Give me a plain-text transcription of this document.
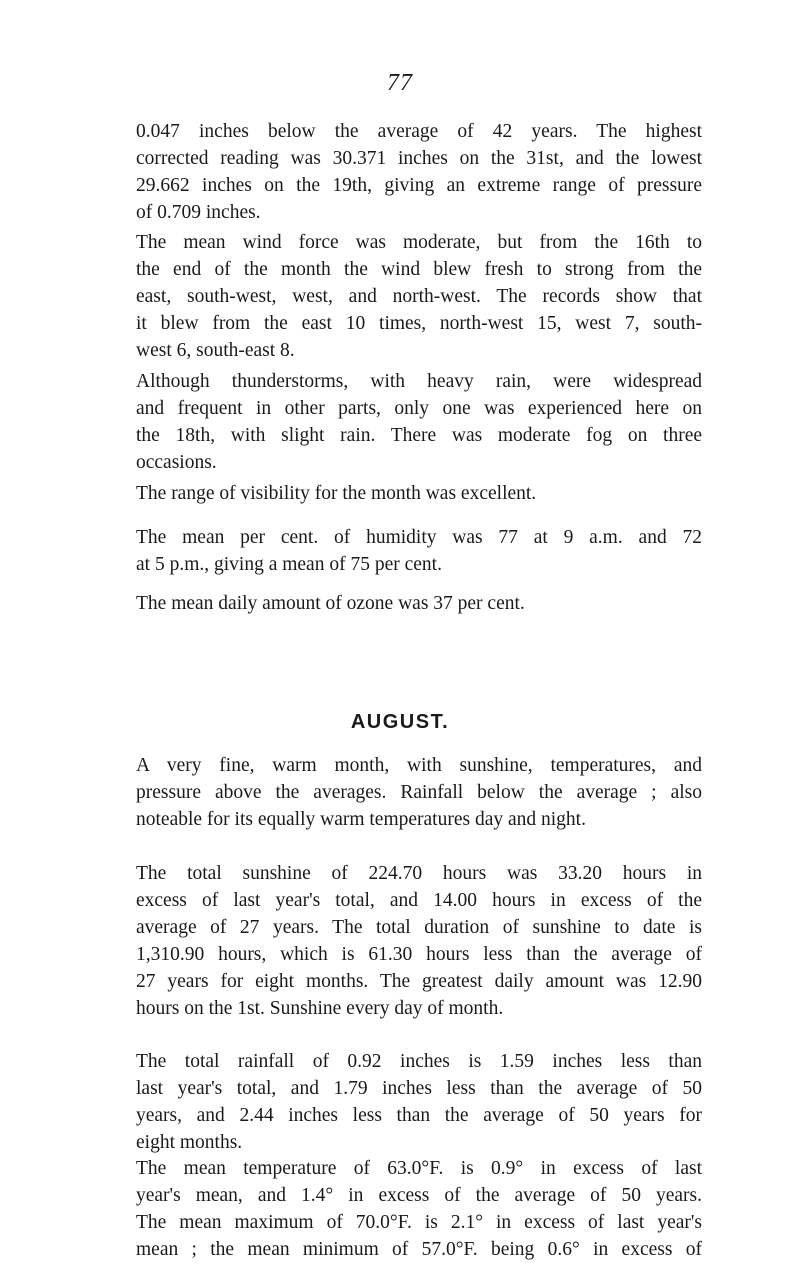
77

0.047 inches below the average of 42 years. The highest
corrected reading was 30.371 inches on the 31st, and the lowest
29.662 inches on the 19th, giving an extreme range of pressure
of 0.709 inches.

The mean wind force was moderate, but from the 16th to
the end of the month the wind blew fresh to strong from the
east, south-west, west, and north-west. The records show that
it blew from the east 10 times, north-west 15, west 7, south-
west 6, south-east 8.

Although thunderstorms, with heavy rain, were widespread
and frequent in other parts, only one was experienced here on
the 18th, with slight rain. There was moderate fog on three
occasions.

The range of visibility for the month was excellent.

The mean per cent. of humidity was 77 at 9 a.m. and 72
at 5 p.m., giving a mean of 75 per cent.

The mean daily amount of ozone was 37 per cent.

AUGUST.

A very fine, warm month, with sunshine, temperatures, and
pressure above the averages. Rainfall below the average ; also
noteable for its equally warm temperatures day and night.

The total sunshine of 224.70 hours was 33.20 hours in
excess of last year's total, and 14.00 hours in excess of the
average of 27 years. The total duration of sunshine to date is
1,310.90 hours, which is 61.30 hours less than the average of
27 years for eight months. The greatest daily amount was 12.90
hours on the 1st. Sunshine every day of month.

The total rainfall of 0.92 inches is 1.59 inches less than
last year's total, and 1.79 inches less than the average of 50
years, and 2.44 inches less than the average of 50 years for
eight months.

The mean temperature of 63.0°F. is 0.9° in excess of last
year's mean, and 1.4° in excess of the average of 50 years.
The mean maximum of 70.0°F. is 2.1° in excess of last year's
mean ; the mean minimum of 57.0°F. being 0.6° in excess of
